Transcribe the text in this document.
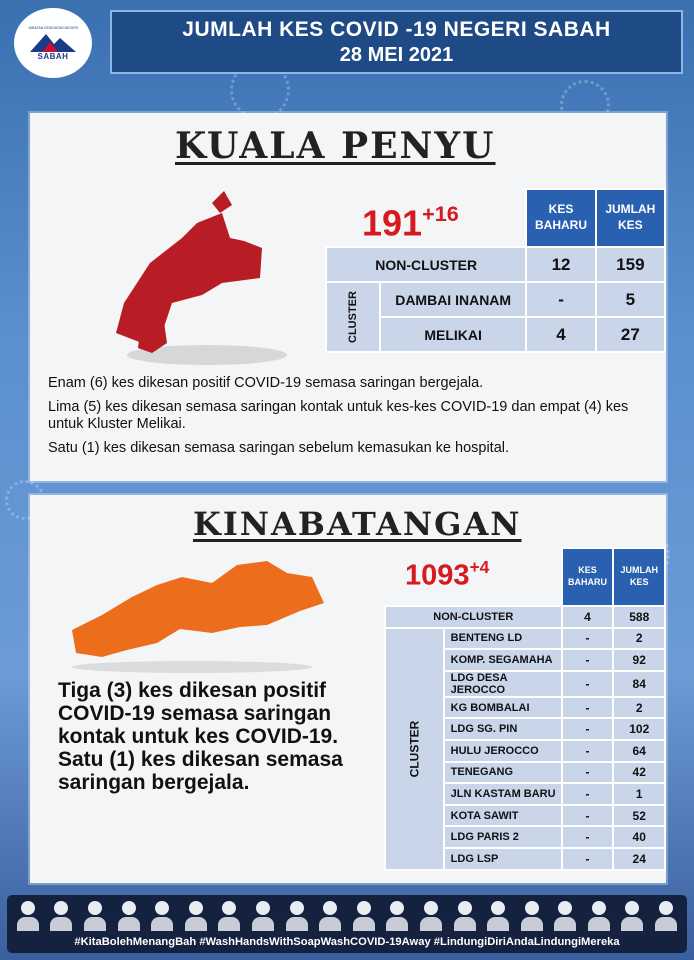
JABATAN KESIHATAN NEGERI
SABAH
JUMLAH KES COVID -19 NEGERI SABAH
28 MEI 2021
KUALA PENYU
$191^{+16}$
			KES BAHARU	JUMLAH KES
NON-CLUSTER		12	159
CLUSTER	DAMBAI INANAM	-	5
	MELIKAI	4	27

Enam (6) kes dikesan positif COVID-19 semasa saringan bergejala.

Lima (5) kes dikesan semasa saringan kontak untuk kes-kes COVID-19 dan empat (4) kes untuk Kluster Melikai.

Satu (1) kes dikesan semasa saringan sebelum kemasukan ke hospital.

KINABATANGAN
$1093^{+4}$
			KES BAHARU	JUMLAH KES
NON-CLUSTER		4	588
CLUSTER	BENTENG LD	-	2
	KOMP. SEGAMAHA	-	92
	LDG DESA JEROCCO	-	84
	KG BOMBALAI	-	2
	LDG SG. PIN	-	102
	HULU JEROCCO	-	64
	TENEGANG	-	42
	JLN KASTAM BARU	-	1
	KOTA SAWIT	-	52
	LDG PARIS 2	-	40
	LDG LSP	-	24
Tiga (3) kes dikesan positif COVID-19 semasa saringan kontak untuk kes COVID-19. Satu (1) kes dikesan semasa saringan bergejala.
#KitaBolehMenangBah #WashHandsWithSoapWashCOVID-19Away #LindungiDiriAndaLindungiMereka
